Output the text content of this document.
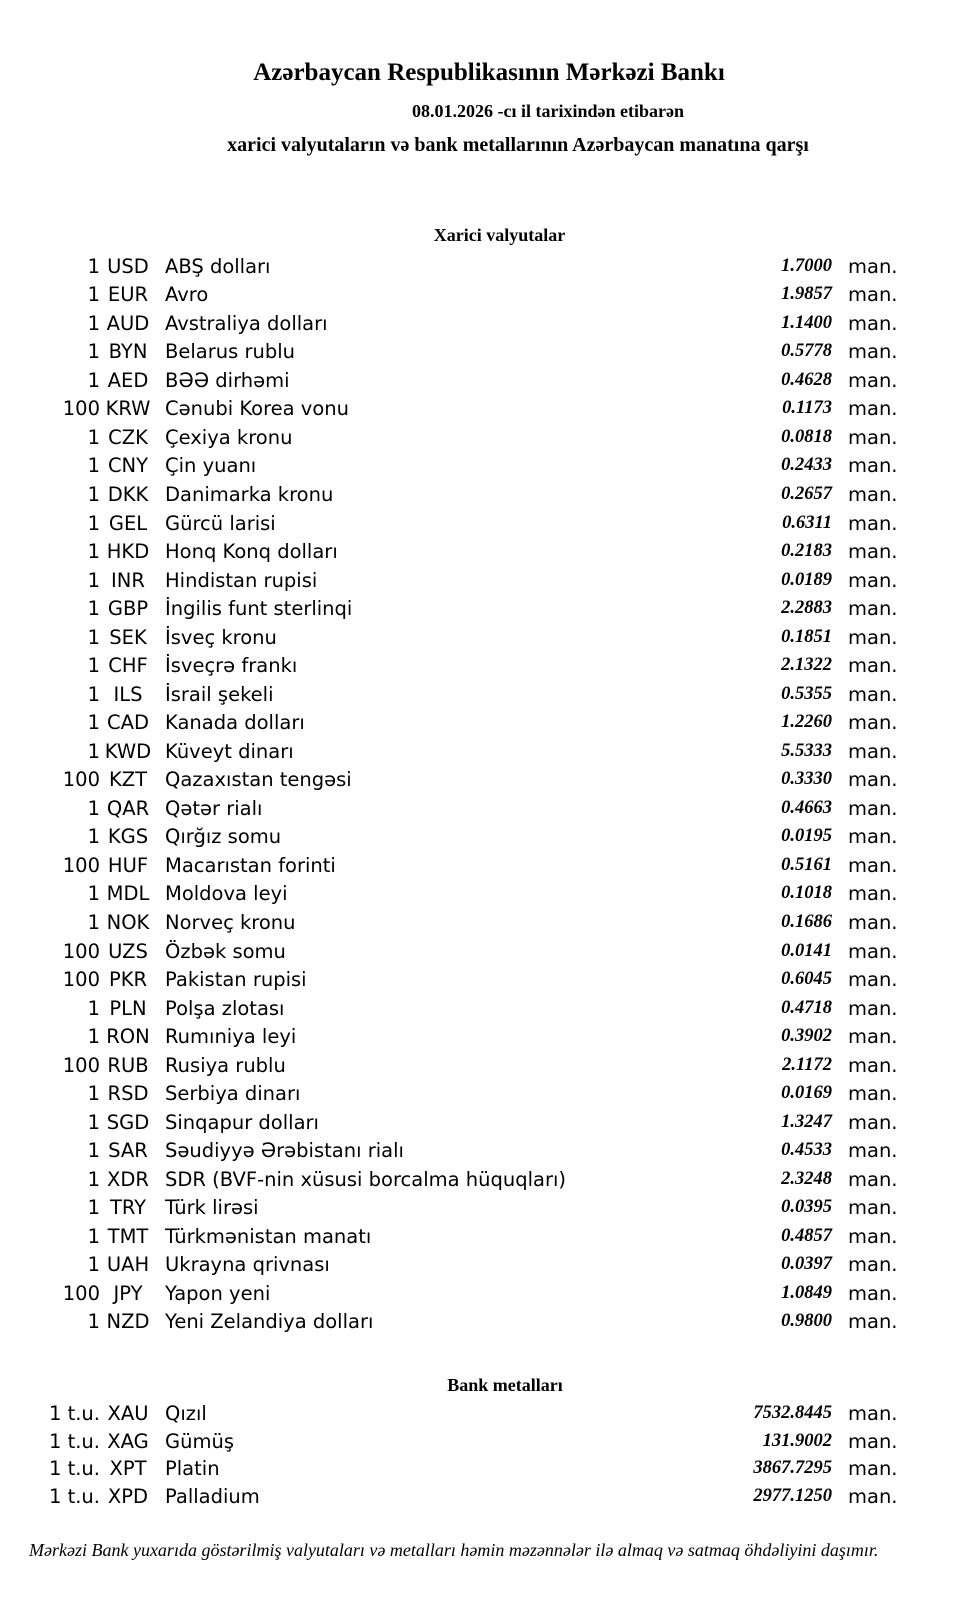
Azərbaycan Respublikasının Mərkəzi Bankı
08.01.2026 -cı il tarixindən etibarən
xarici valyutaların və bank metallarının Azərbaycan manatına qarşı
Xarici valyutalar
1 USD ABŞ dolları	1.7000 man.
1 EUR Avro	1.9857 man.
1 AUD Avstraliya dolları	1.1400 man.
1 BYN Belarus rublu	0.5778 man.
1 AED BƏƏ dirhəmi	0.4628 man.
100 KRW Cənubi Korea vonu	0.1173 man.
1 CZK Çexiya kronu	0.0818 man.
1 CNY Çin yuanı	0.2433 man.
1 DKK Danimarka kronu	0.2657 man.
1 GEL Gürcü larisi	0.6311 man.
1 HKD Honq Konq dolları	0.2183 man.
1 INR	Hindistan rupisi	0.0189 man.
1 GBP İngilis funt sterlinqi	2.2883 man.
1 SEK İsveç kronu	0.1851 man.
1 CHF İsveçrə frankı	2.1322 man.
1 ILS	İsrail şekeli	0.5355 man.
1 CAD Kanada dolları	1.2260 man.
1 KWD Küveyt dinarı	5.5333 man.
100 KZT Qazaxıstan tengəsi	0.3330 man.
1 QAR Qətər rialı	0.4663 man.
1 KGS Qırğız somu	0.0195 man.
100 HUF Macarıstan forinti	0.5161 man.
1 MDL Moldova leyi	0.1018 man.
1 NOK Norveç kronu	0.1686 man.
100 UZS Özbək somu	0.0141 man.
100 PKR Pakistan rupisi	0.6045 man.
1 PLN Polşa zlotası	0.4718 man.
1 RON Rumıniya leyi	0.3902 man.
100 RUB Rusiya rublu	2.1172 man.
1 RSD Serbiya dinarı	0.0169 man.
1 SGD Sinqapur dolları	1.3247 man.
1 SAR Səudiyyə Ərəbistanı rialı	0.4533 man.
1 XDR SDR (BVF-nin xüsusi borcalma hüquqları)	2.3248 man.
1 TRY Türk lirəsi	0.0395 man.
1 TMT Türkmənistan manatı	0.4857 man.
1 UAH Ukrayna qrivnası	0.0397 man.
100 JPY	Yapon yeni	1.0849 man.
1 NZD Yeni Zelandiya dolları	0.9800 man.
Bank metalları
1 t.u. XAU Qızıl	7532.8445 man.
1 t.u. XAG Gümüş	131.9002 man.
1 t.u. XPT Platin	3867.7295 man.
1 t.u. XPD Palladium	2977.1250 man.
Mərkəzi Bank yuxarıda göstərilmiş valyutaları və metalları həmin məzənnələr ilə almaq və satmaq öhdəliyini daşımır.
